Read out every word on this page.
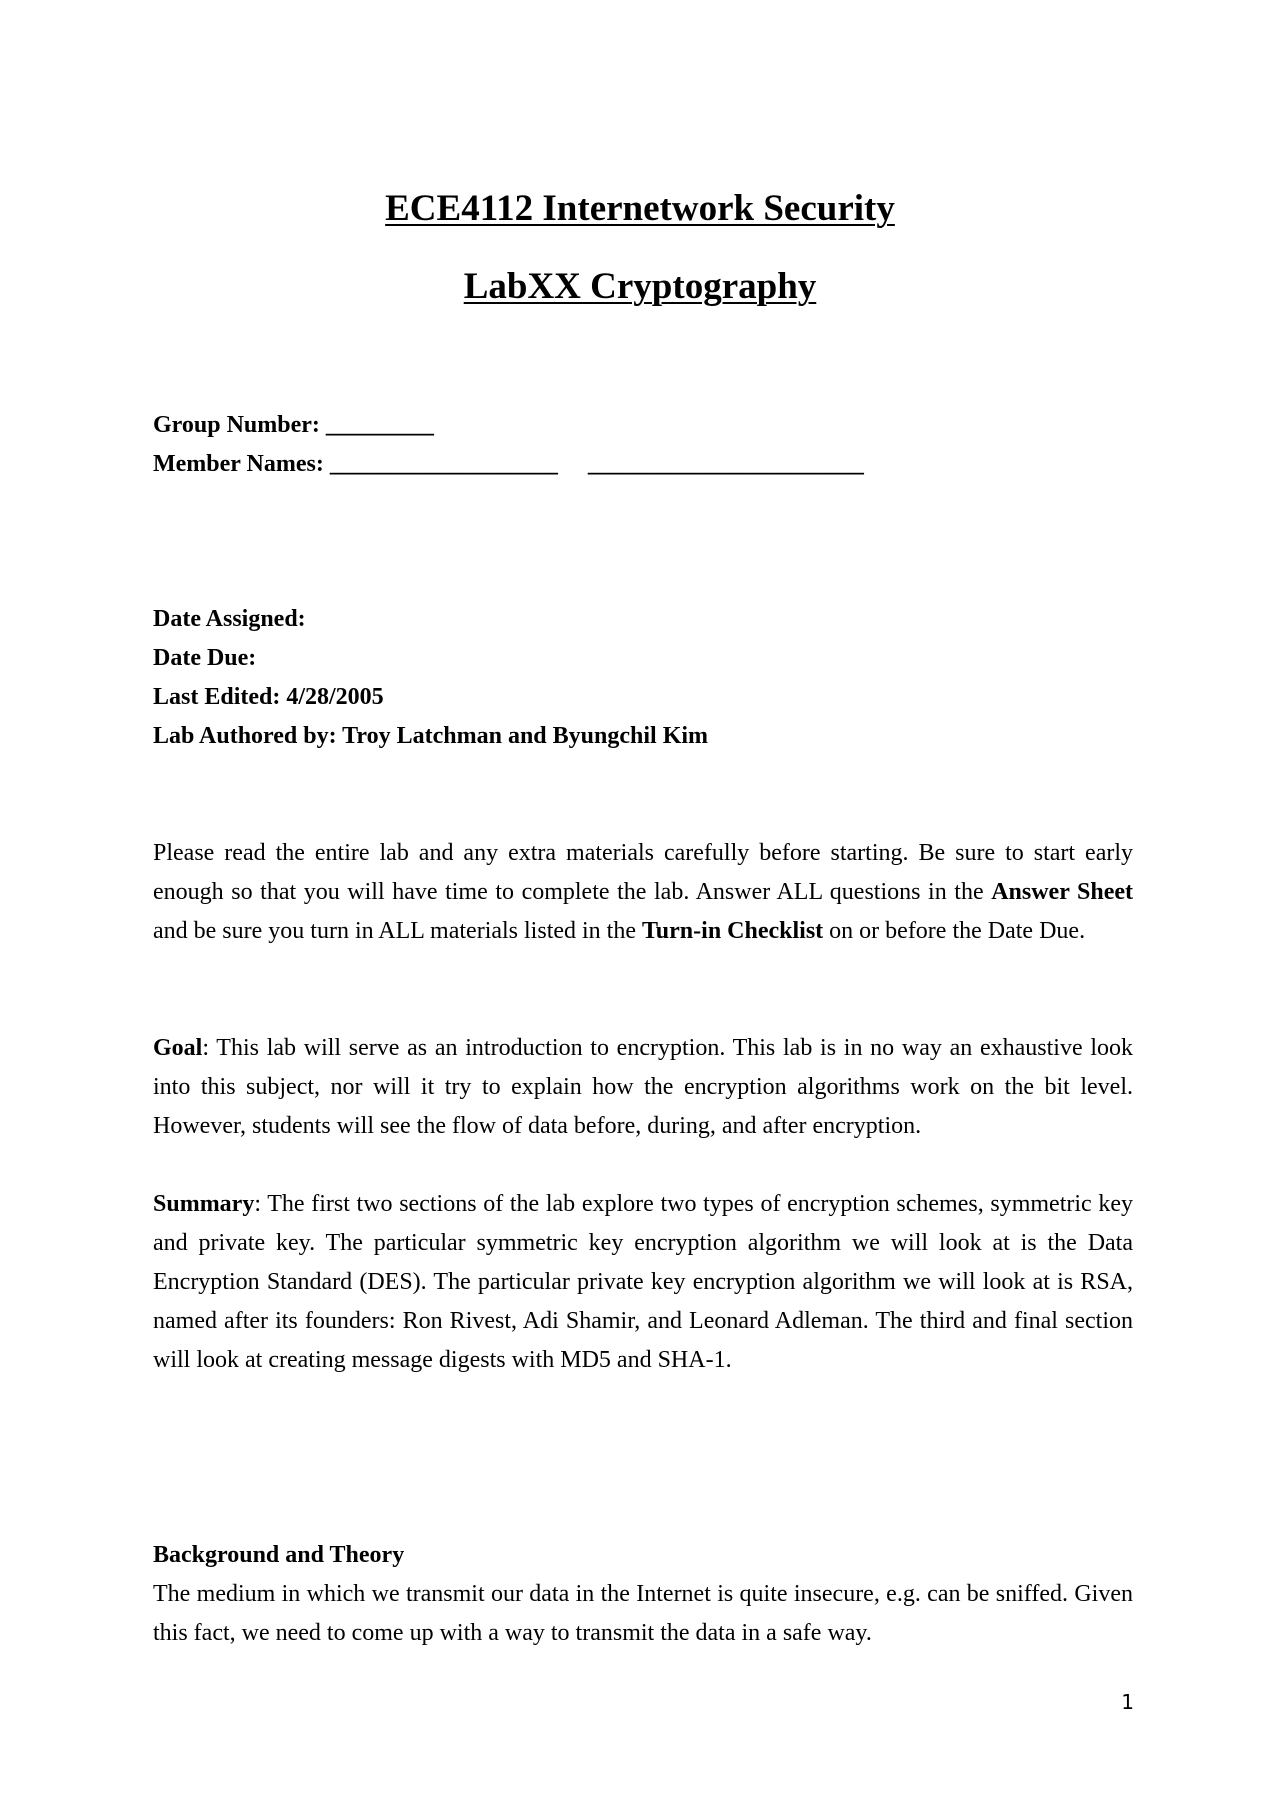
ECE4112 Internetwork Security
LabXX Cryptography
Group Number: _________
Member Names: ___________________ _______________________
Date Assigned:
Date Due:
Last Edited: 4/28/2005
Lab Authored by: Troy Latchman and Byungchil Kim

Please read the entire lab and any extra materials carefully before starting. Be sure to start early enough so that you will have time to complete the lab. Answer ALL questions in the Answer Sheet and be sure you turn in ALL materials listed in the Turn-in Checklist on or before the Date Due.

Goal: This lab will serve as an introduction to encryption. This lab is in no way an exhaustive look into this subject, nor will it try to explain how the encryption algorithms work on the bit level. However, students will see the flow of data before, during, and after encryption.

Summary: The first two sections of the lab explore two types of encryption schemes, symmetric key and private key. The particular symmetric key encryption algorithm we will look at is the Data Encryption Standard (DES). The particular private key encryption algorithm we will look at is RSA, named after its founders: Ron Rivest, Adi Shamir, and Leonard Adleman. The third and final section will look at creating message digests with MD5 and SHA-1.

Background and Theory

The medium in which we transmit our data in the Internet is quite insecure, e.g. can be sniffed. Given this fact, we need to come up with a way to transmit the data in a safe way.

1
